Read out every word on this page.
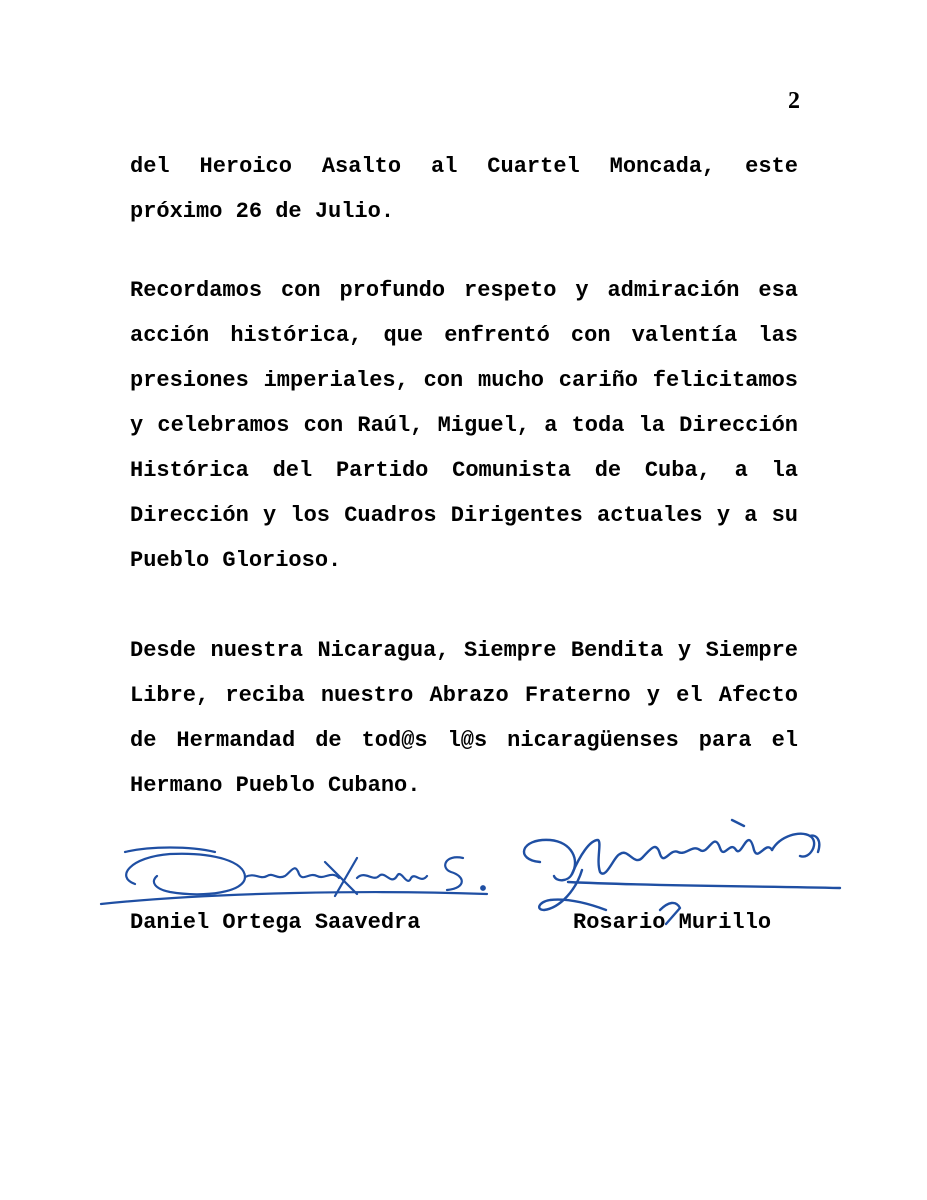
2

del Heroico Asalto al Cuartel Moncada, este próximo 26 de Julio.

Recordamos con profundo respeto y admiración esa acción histórica, que enfrentó con valentía las presiones imperiales, con mucho cariño felicitamos y celebramos con Raúl, Miguel, a toda la Dirección Histórica del Partido Comunista de Cuba, a la Dirección y los Cuadros Dirigentes actuales y a su Pueblo Glorioso.

Desde nuestra Nicaragua, Siempre Bendita y Siempre Libre, reciba nuestro Abrazo Fraterno y el Afecto de Hermandad de tod@s l@s nicaragüenses para el Hermano Pueblo Cubano.

Daniel Ortega Saavedra	Rosario Murillo
